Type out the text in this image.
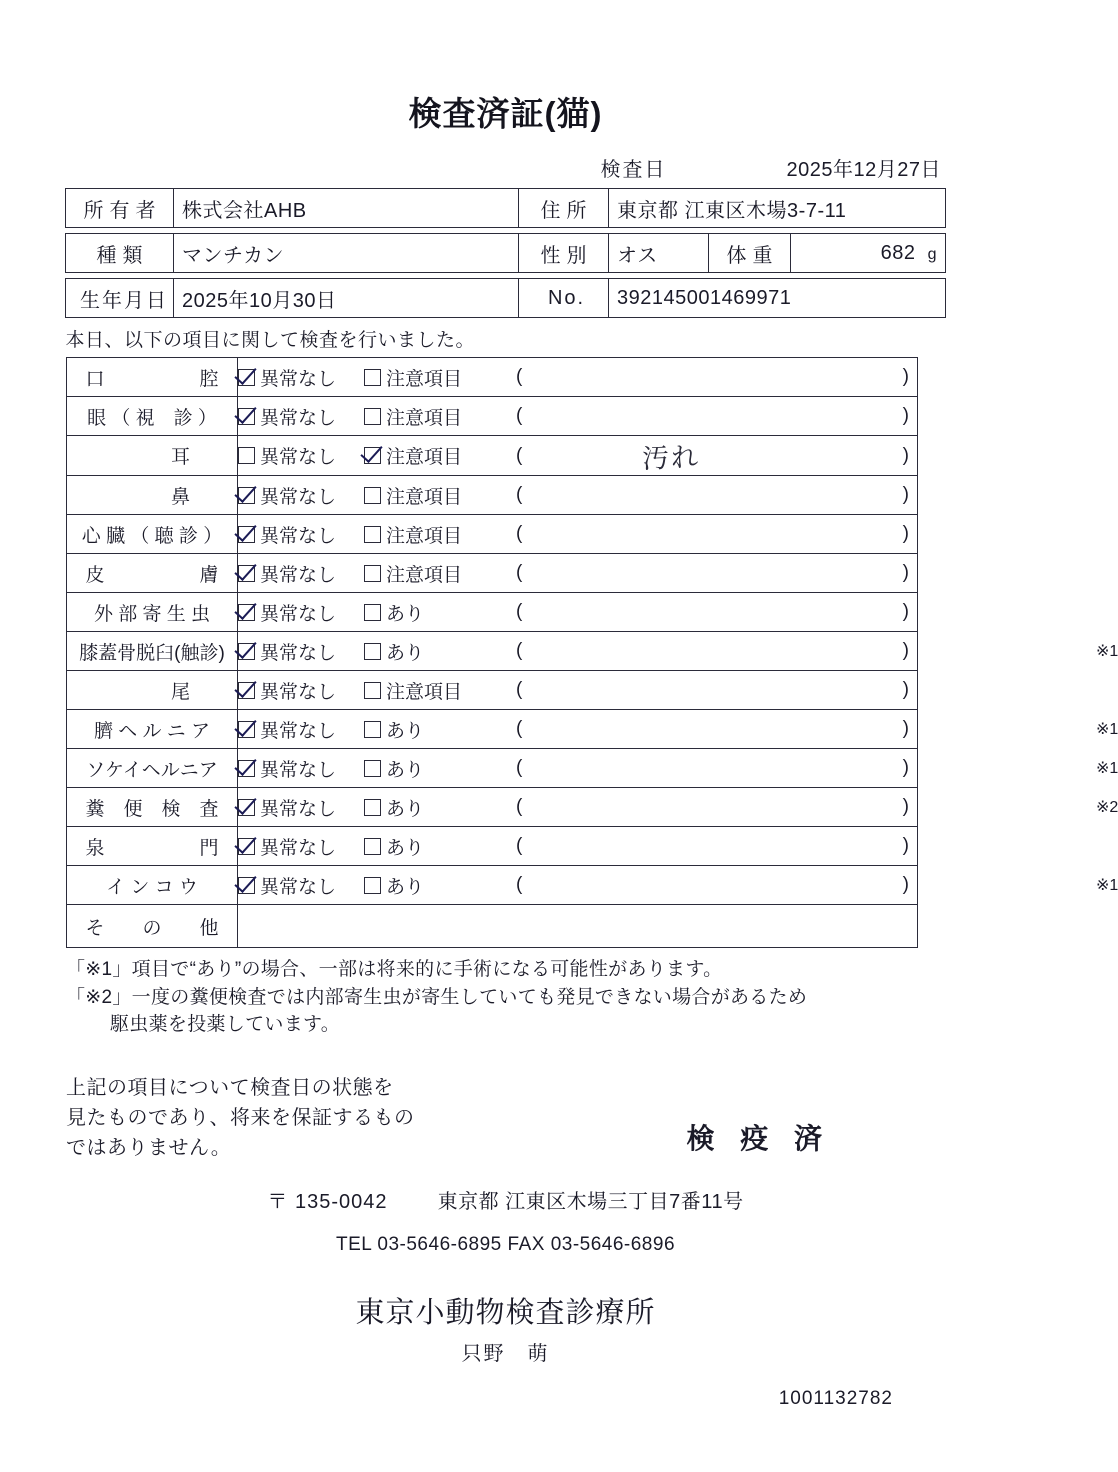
検査済証(猫)
検査日	2025年12月27日
所有者	株式会社AHB	住所	東京都 江東区木場3-7-11
種類	マンチカン	性別	オス	体重	682 g
生年月日	2025年10月30日	No.	392145001469971
本日、以下の項目に関して検査を行いました。
口　　　　　腔	異常なし 注意項目 ( )

眼 （ 視　診 ）	異常なし 注意項目 ( )

　　　耳	異常なし 注意項目 ( 汚れ )

　　　鼻	異常なし 注意項目 ( )

心 臓 （ 聴 診 ）	異常なし 注意項目 ( )

皮　　　　　膚	異常なし 注意項目 ( )

外 部 寄 生 虫	異常なし あり ( )

膝蓋骨脱臼(触診)	異常なし あり ( ) ※1

　　　尾	異常なし 注意項目 ( )

臍 ヘ ル ニ ア	異常なし あり ( ) ※1

ソケイヘルニア	異常なし あり ( ) ※1

糞　便　検　査	異常なし あり ( ) ※2

泉　　　　　門	異常なし あり ( )

イ ン コ ウ	異常なし あり ( ) ※1

そ　　の　　他	
「※1」項目で“あり”の場合、一部は将来的に手術になる可能性があります。
「※2」一度の糞便検査では内部寄生虫が寄生していても発見できない場合があるため
駆虫薬を投薬しています。
上記の項目について検査日の状態を
見たものであり、将来を保証するもの
ではありません。	検 疫 済
〒 135-0042	東京都 江東区木場三丁目7番11号
TEL 03-5646-6895 FAX 03-5646-6896
東京小動物検査診療所
只野　萌
1001132782
